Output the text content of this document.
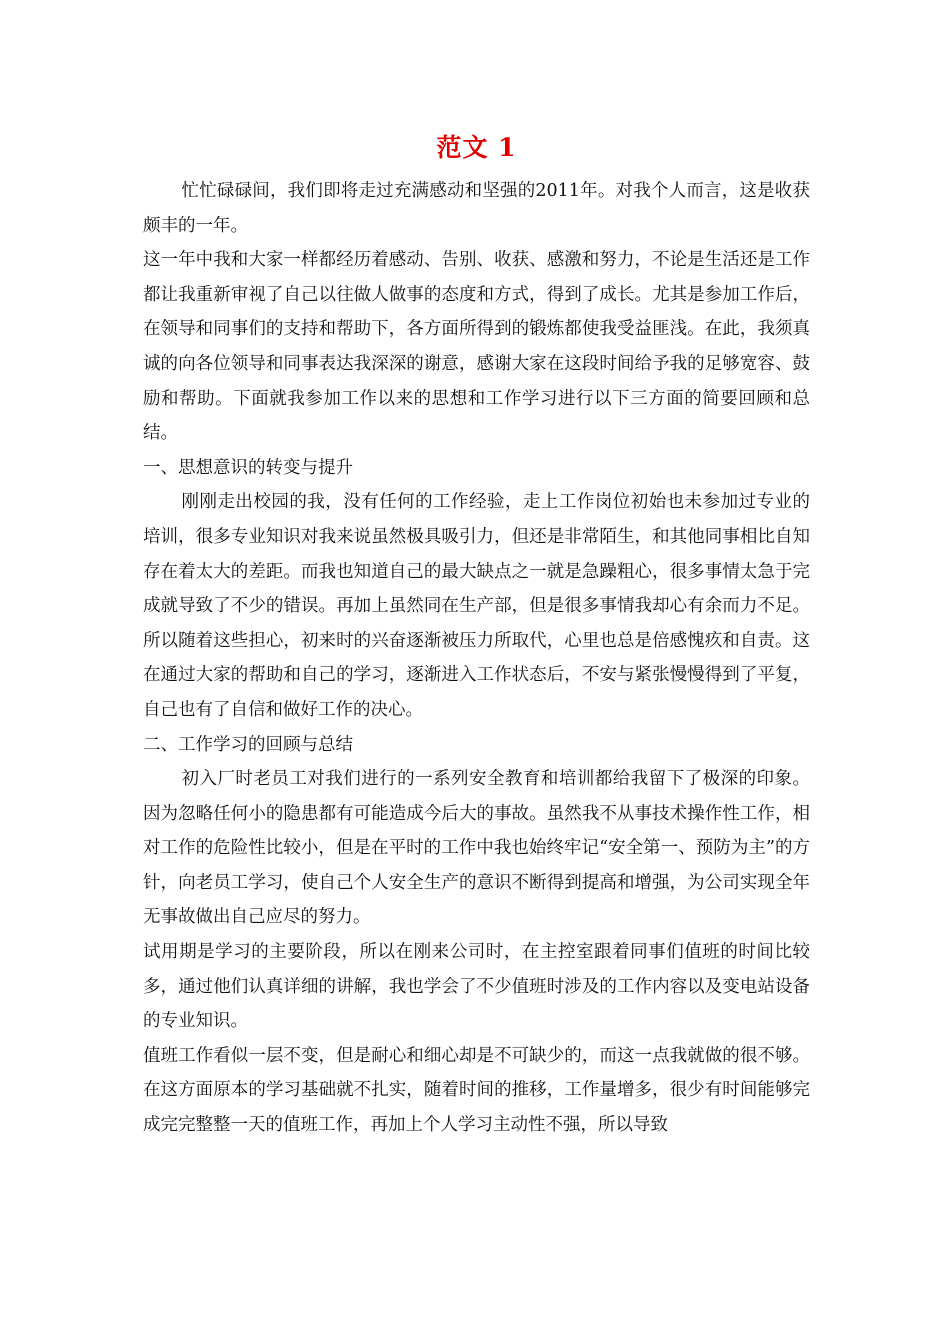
范文 1

忙忙碌碌间，我们即将走过充满感动和坚强的2011年。对我个人而言，这是收获颇丰的一年。

这一年中我和大家一样都经历着感动、告别、收获、感激和努力，不论是生活还是工作都让我重新审视了自己以往做人做事的态度和方式，得到了成长。尤其是参加工作后，在领导和同事们的支持和帮助下，各方面所得到的锻炼都使我受益匪浅。在此，我须真诚的向各位领导和同事表达我深深的谢意，感谢大家在这段时间给予我的足够宽容、鼓励和帮助。下面就我参加工作以来的思想和工作学习进行以下三方面的简要回顾和总结。

一、思想意识的转变与提升

刚刚走出校园的我，没有任何的工作经验，走上工作岗位初始也未参加过专业的培训，很多专业知识对我来说虽然极具吸引力，但还是非常陌生，和其他同事相比自知存在着太大的差距。而我也知道自己的最大缺点之一就是急躁粗心，很多事情太急于完成就导致了不少的错误。再加上虽然同在生产部，但是很多事情我却心有余而力不足。所以随着这些担心，初来时的兴奋逐渐被压力所取代，心里也总是倍感愧疚和自责。这在通过大家的帮助和自己的学习，逐渐进入工作状态后，不安与紧张慢慢得到了平复，自己也有了自信和做好工作的决心。

二、工作学习的回顾与总结

初入厂时老员工对我们进行的一系列安全教育和培训都给我留下了极深的印象。因为忽略任何小的隐患都有可能造成今后大的事故。虽然我不从事技术操作性工作，相对工作的危险性比较小，但是在平时的工作中我也始终牢记“安全第一、预防为主”的方针，向老员工学习，使自己个人安全生产的意识不断得到提高和增强，为公司实现全年无事故做出自己应尽的努力。

试用期是学习的主要阶段，所以在刚来公司时，在主控室跟着同事们值班的时间比较多，通过他们认真详细的讲解，我也学会了不少值班时涉及的工作内容以及变电站设备的专业知识。

值班工作看似一层不变，但是耐心和细心却是不可缺少的，而这一点我就做的很不够。在这方面原本的学习基础就不扎实，随着时间的推移，工作量增多，很少有时间能够完成完完整整一天的值班工作，再加上个人学习主动性不强，所以导致
